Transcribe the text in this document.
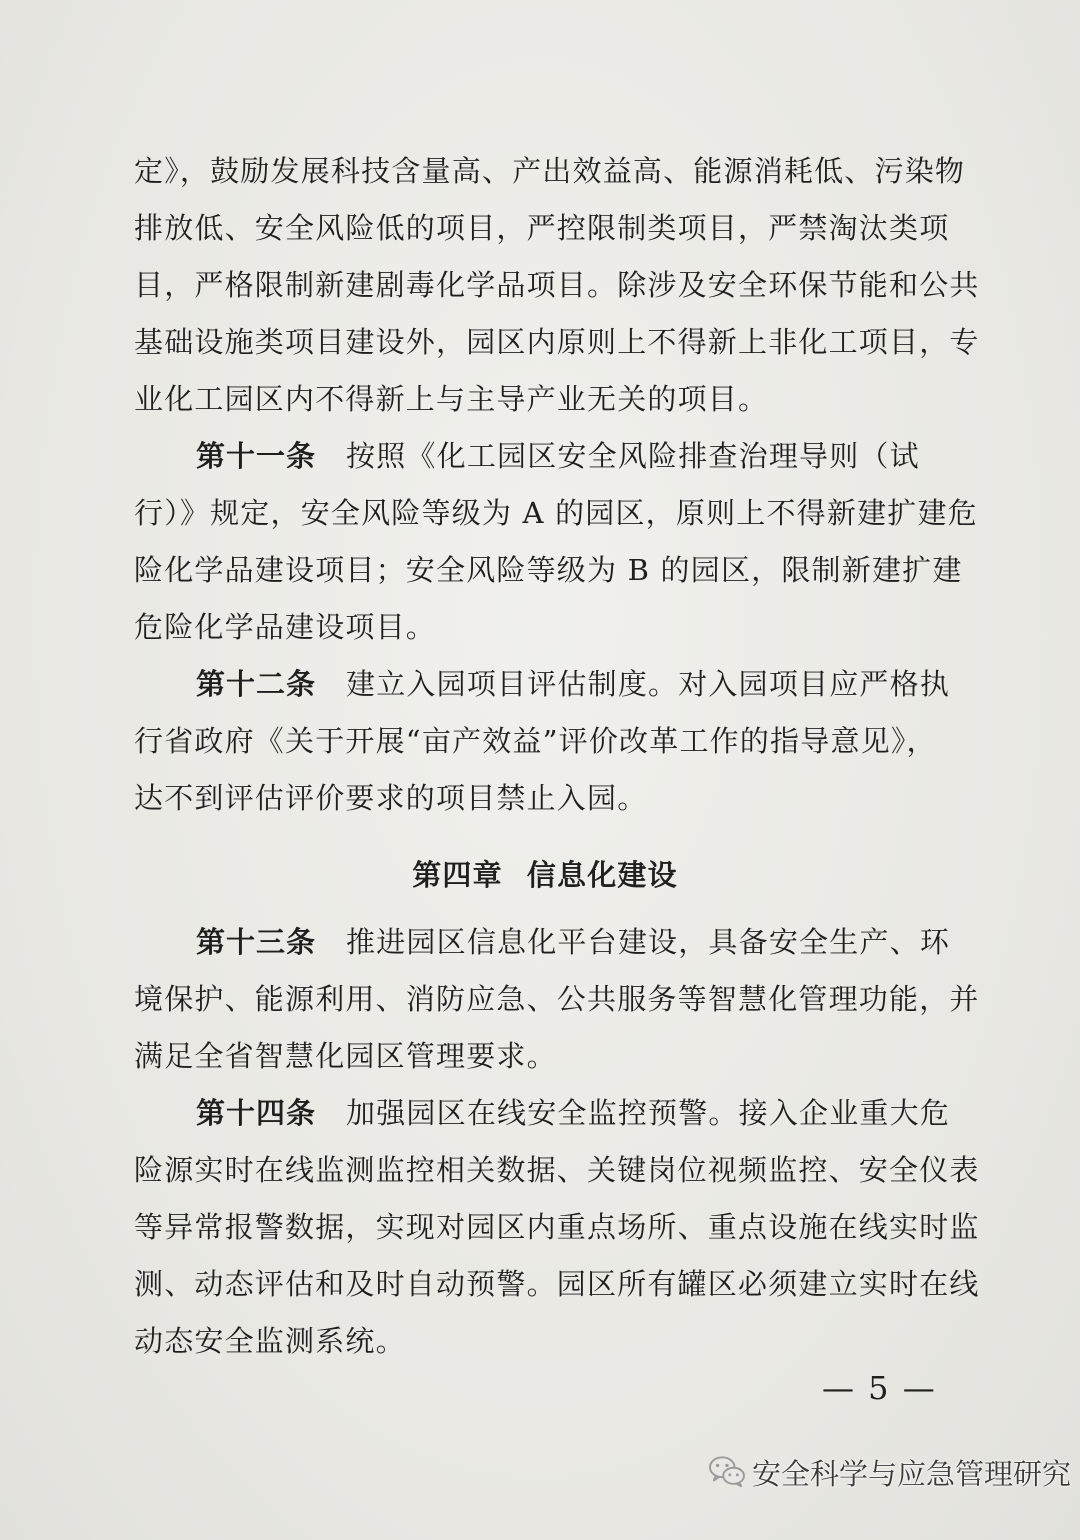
定》，鼓励发展科技含量高、产出效益高、能源消耗低、污染物
排放低、安全风险低的项目，严控限制类项目，严禁淘汰类项
目，严格限制新建剧毒化学品项目。除涉及安全环保节能和公共
基础设施类项目建设外，园区内原则上不得新上非化工项目，专
业化工园区内不得新上与主导产业无关的项目。
第十一条 按照《化工园区安全风险排查治理导则（试
行）》规定，安全风险等级为 A 的园区，原则上不得新建扩建危
险化学品建设项目；安全风险等级为 B 的园区，限制新建扩建
危险化学品建设项目。
第十二条 建立入园项目评估制度。对入园项目应严格执
行省政府《关于开展“亩产效益”评价改革工作的指导意见》，
达不到评估评价要求的项目禁止入园。
第四章 信息化建设
第十三条 推进园区信息化平台建设，具备安全生产、环
境保护、能源利用、消防应急、公共服务等智慧化管理功能，并
满足全省智慧化园区管理要求。
第十四条 加强园区在线安全监控预警。接入企业重大危
险源实时在线监测监控相关数据、关键岗位视频监控、安全仪表
等异常报警数据，实现对园区内重点场所、重点设施在线实时监
测、动态评估和及时自动预警。园区所有罐区必须建立实时在线
动态安全监测系统。
— 5 —
安全科学与应急管理研究
